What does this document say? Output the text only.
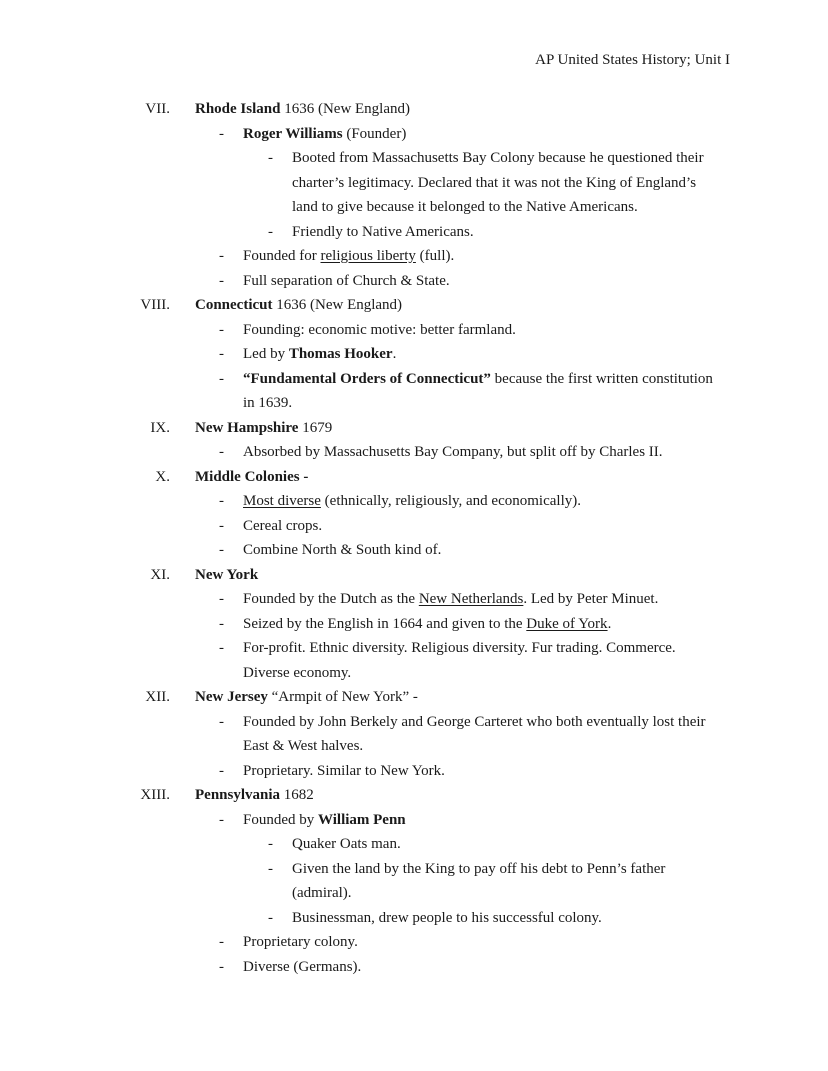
AP United States History; Unit I
VII. Rhode Island 1636 (New England)
- Roger Williams (Founder)
- Booted from Massachusetts Bay Colony because he questioned their charter’s legitimacy. Declared that it was not the King of England’s land to give because it belonged to the Native Americans.
- Friendly to Native Americans.
- Founded for religious liberty (full).
- Full separation of Church & State.
VIII. Connecticut 1636 (New England)
- Founding: economic motive: better farmland.
- Led by Thomas Hooker.
- “Fundamental Orders of Connecticut” because the first written constitution in 1639.
IX. New Hampshire 1679
- Absorbed by Massachusetts Bay Company, but split off by Charles II.
X. Middle Colonies -
- Most diverse (ethnically, religiously, and economically).
- Cereal crops.
- Combine North & South kind of.
XI. New York
- Founded by the Dutch as the New Netherlands. Led by Peter Minuet.
- Seized by the English in 1664 and given to the Duke of York.
- For-profit. Ethnic diversity. Religious diversity. Fur trading. Commerce. Diverse economy.
XII. New Jersey “Armpit of New York” -
- Founded by John Berkely and George Carteret who both eventually lost their East & West halves.
- Proprietary. Similar to New York.
XIII. Pennsylvania 1682
- Founded by William Penn
- Quaker Oats man.
- Given the land by the King to pay off his debt to Penn’s father (admiral).
- Businessman, drew people to his successful colony.
- Proprietary colony.
- Diverse (Germans).
